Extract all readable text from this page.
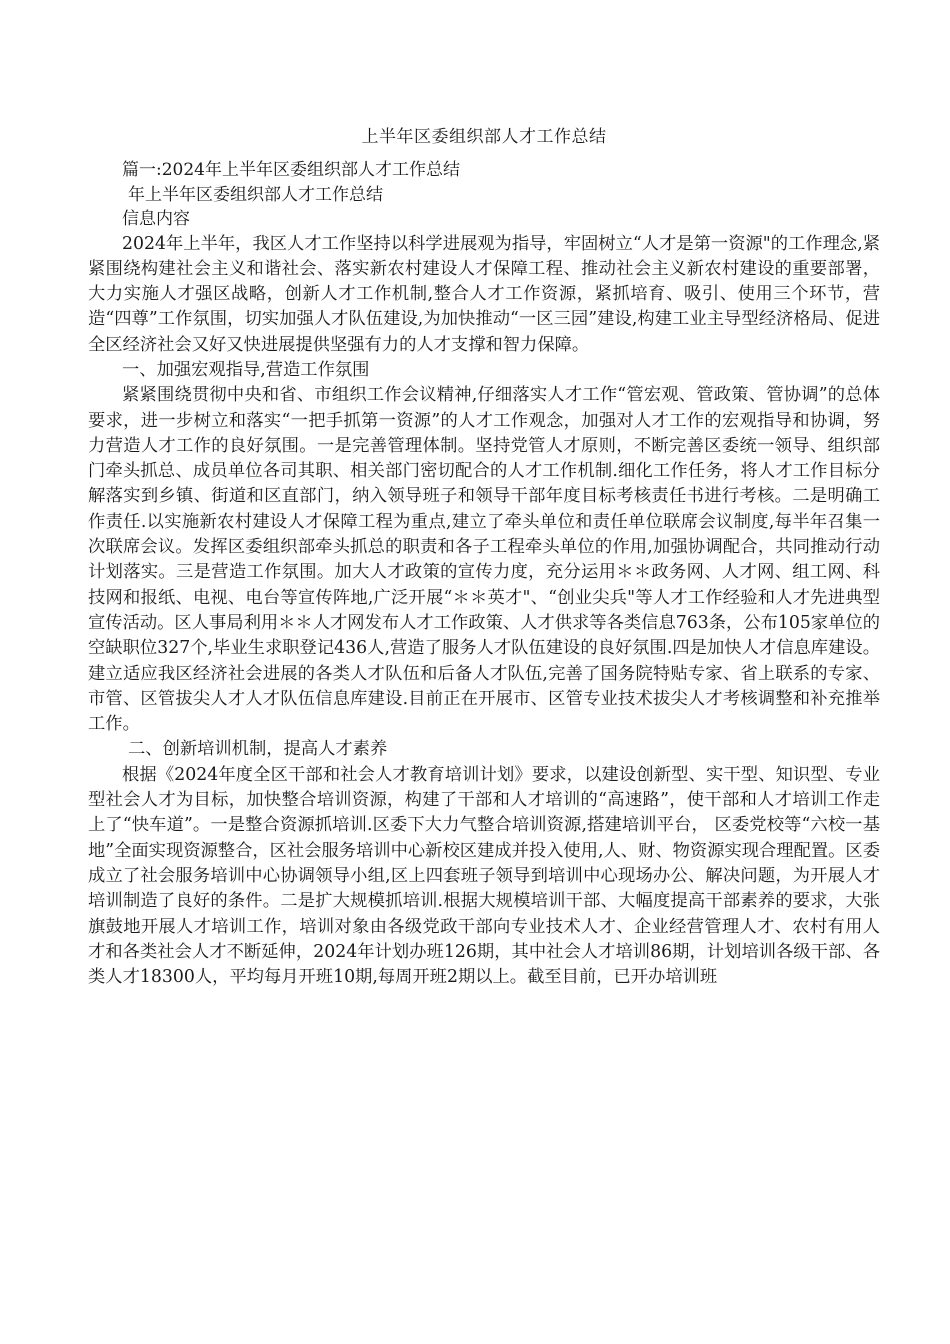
上半年区委组织部人才工作总结

篇一:2024年上半年区委组织部人才工作总结

年上半年区委组织部人才工作总结

信息内容

2024年上半年，我区人才工作坚持以科学进展观为指导，牢固树立“人才是第一资源"的工作理念,紧紧围绕构建社会主义和谐社会、落实新农村建设人才保障工程、推动社会主义新农村建设的重要部署，大力实施人才强区战略，创新人才工作机制,整合人才工作资源，紧抓培育、吸引、使用三个环节，营造“四尊”工作氛围，切实加强人才队伍建设,为加快推动“一区三园”建设,构建工业主导型经济格局、促进全区经济社会又好又快进展提供坚强有力的人才支撑和智力保障。

一、加强宏观指导,营造工作氛围

紧紧围绕贯彻中央和省、市组织工作会议精神,仔细落实人才工作“管宏观、管政策、管协调”的总体要求，进一步树立和落实“一把手抓第一资源”的人才工作观念，加强对人才工作的宏观指导和协调，努力营造人才工作的良好氛围。一是完善管理体制。坚持党管人才原则，不断完善区委统一领导、组织部门牵头抓总、成员单位各司其职、相关部门密切配合的人才工作机制.细化工作任务，将人才工作目标分解落实到乡镇、街道和区直部门，纳入领导班子和领导干部年度目标考核责任书进行考核。二是明确工作责任.以实施新农村建设人才保障工程为重点,建立了牵头单位和责任单位联席会议制度,每半年召集一次联席会议。发挥区委组织部牵头抓总的职责和各子工程牵头单位的作用,加强协调配合，共同推动行动计划落实。三是营造工作氛围。加大人才政策的宣传力度，充分运用＊＊政务网、人才网、组工网、科技网和报纸、电视、电台等宣传阵地,广泛开展“＊＊英才"、“创业尖兵"等人才工作经验和人才先进典型宣传活动。区人事局利用＊＊人才网发布人才工作政策、人才供求等各类信息763条，公布105家单位的空缺职位327个,毕业生求职登记436人,营造了服务人才队伍建设的良好氛围.四是加快人才信息库建设。建立适应我区经济社会进展的各类人才队伍和后备人才队伍,完善了国务院特贴专家、省上联系的专家、市管、区管拔尖人才人才队伍信息库建设.目前正在开展市、区管专业技术拔尖人才考核调整和补充推举工作。

二、创新培训机制，提高人才素养

根据《2024年度全区干部和社会人才教育培训计划》要求，以建设创新型、实干型、知识型、专业型社会人才为目标，加快整合培训资源，构建了干部和人才培训的“高速路”，使干部和人才培训工作走上了“快车道”。一是整合资源抓培训.区委下大力气整合培训资源,搭建培训平台， 区委党校等“六校一基地”全面实现资源整合，区社会服务培训中心新校区建成并投入使用,人、财、物资源实现合理配置。区委成立了社会服务培训中心协调领导小组,区上四套班子领导到培训中心现场办公、解决问题，为开展人才培训制造了良好的条件。二是扩大规模抓培训.根据大规模培训干部、大幅度提高干部素养的要求，大张旗鼓地开展人才培训工作，培训对象由各级党政干部向专业技术人才、企业经营管理人才、农村有用人才和各类社会人才不断延伸，2024年计划办班126期，其中社会人才培训86期，计划培训各级干部、各类人才18300人，平均每月开班10期,每周开班2期以上。截至目前，已开办培训班
